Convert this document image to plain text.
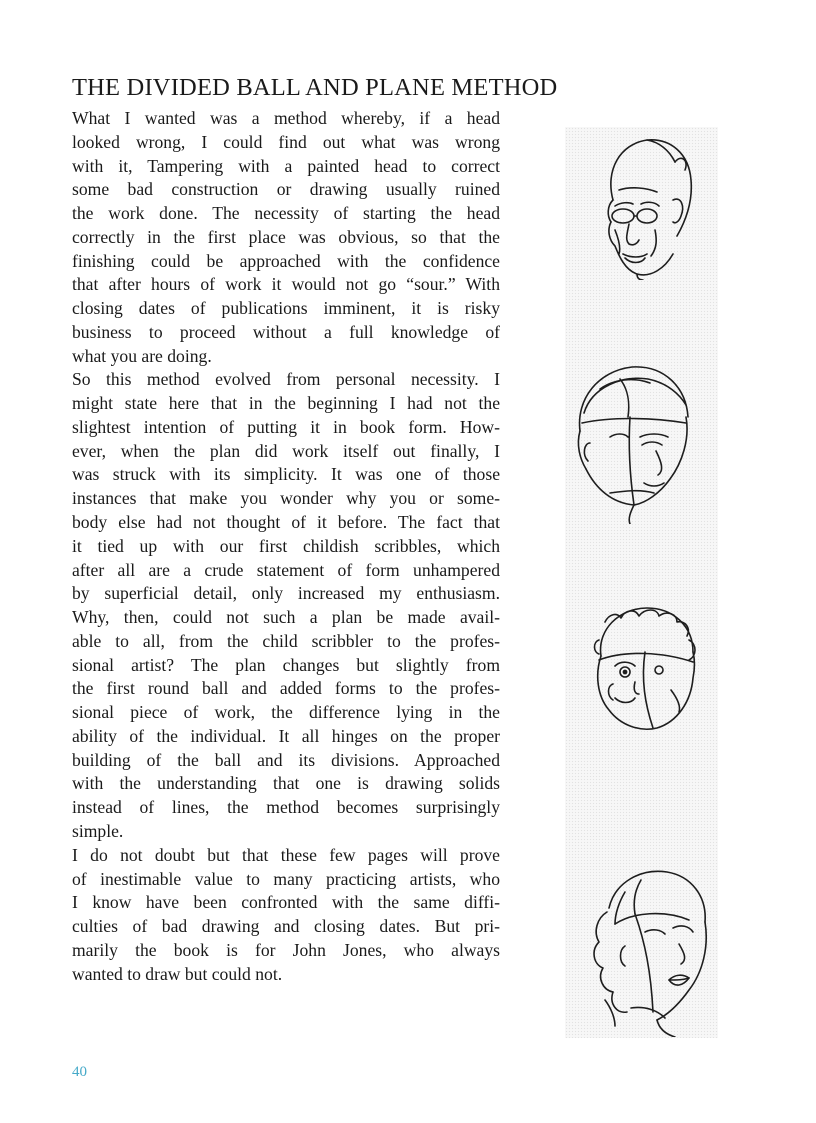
THE DIVIDED BALL AND PLANE METHOD
What I wanted was a method whereby, if a head
looked wrong, I could find out what was wrong
with it, Tampering with a painted head to correct
some bad construction or drawing usually ruined
the work done. The necessity of starting the head
correctly in the first place was obvious, so that the
finishing could be approached with the confidence
that after hours of work it would not go “sour.” With
closing dates of publications imminent, it is risky
business to proceed without a full knowledge of
what you are doing.
So this method evolved from personal necessity. I
might state here that in the beginning I had not the
slightest intention of putting it in book form. How-
ever, when the plan did work itself out finally, I
was struck with its simplicity. It was one of those
instances that make you wonder why you or some-
body else had not thought of it before. The fact that
it tied up with our first childish scribbles, which
after all are a crude statement of form unhampered
by superficial detail, only increased my enthusiasm.
Why, then, could not such a plan be made avail-
able to all, from the child scribbler to the profes-
sional artist? The plan changes but slightly from
the first round ball and added forms to the profes-
sional piece of work, the difference lying in the
ability of the individual. It all hinges on the proper
building of the ball and its divisions. Approached
with the understanding that one is drawing solids
instead of lines, the method becomes surprisingly
simple.
I do not doubt but that these few pages will prove
of inestimable value to many practicing artists, who
I know have been confronted with the same diffi-
culties of bad drawing and closing dates. But pri-
marily the book is for John Jones, who always
wanted to draw but could not.
40
